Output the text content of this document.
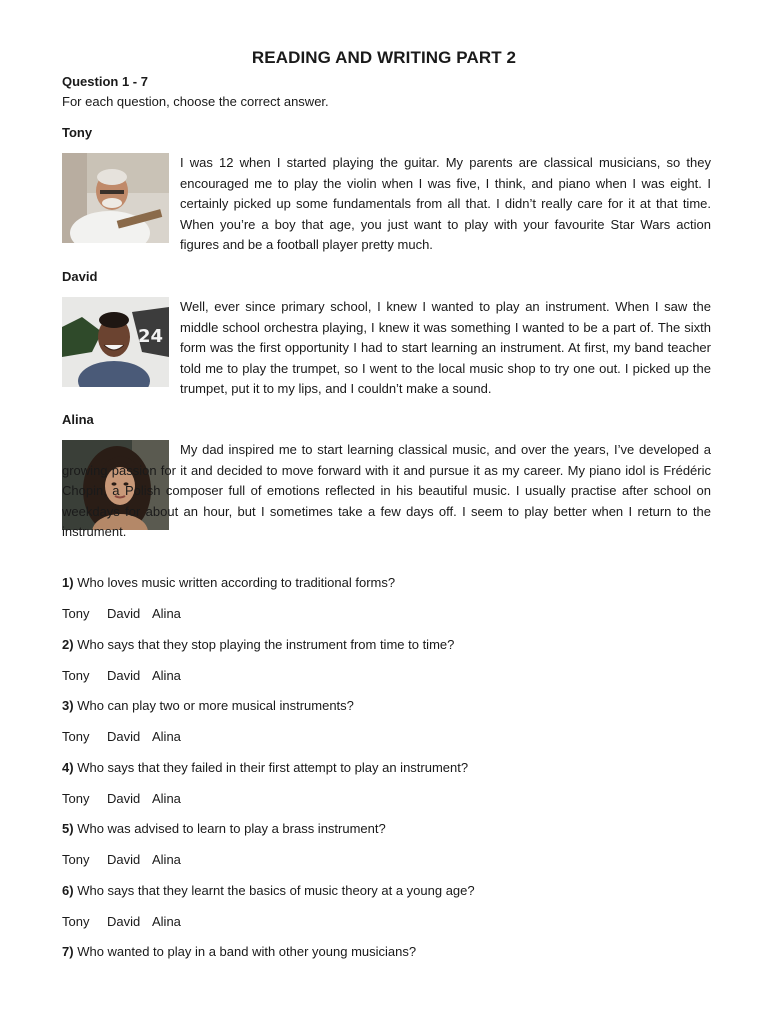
READING AND WRITING PART 2
Question 1 - 7
For each question, choose the correct answer.
Tony

I was 12 when I started playing the guitar. My parents are classical musicians, so they encouraged me to play the violin when I was five, I think, and piano when I was eight. I certainly picked up some fundamentals from all that. I didn’t really care for it at that time. When you’re a boy that age, you just want to play with your favourite Star Wars action figures and be a football player pretty much.

David
24

Well, ever since primary school, I knew I wanted to play an instrument. When I saw the middle school orchestra playing, I knew it was something I wanted to be a part of. The sixth form was the first opportunity I had to start learning an instrument. At first, my band teacher told me to play the trumpet, so I went to the local music shop to try one out. I picked up the trumpet, put it to my lips, and I couldn’t make a sound.

Alina

My dad inspired me to start learning classical music, and over the years, I’ve developed a growing passion for it and decided to move forward with it and pursue it as my career. My piano idol is Frédéric Chopin, a Polish composer full of emotions reflected in his beautiful music. I usually practise after school on weekdays for about an hour, but I sometimes take a few days off. I seem to play better when I return to the instrument.

1) Who loves music written according to traditional forms?
Tony	David Alina
2) Who says that they stop playing the instrument from time to time?
Tony	David Alina
3) Who can play two or more musical instruments?
Tony	David Alina
4) Who says that they failed in their first attempt to play an instrument?
Tony	David Alina
5) Who was advised to learn to play a brass instrument?
Tony	David Alina
6) Who says that they learnt the basics of music theory at a young age?
Tony	David Alina
7) Who wanted to play in a band with other young musicians?
